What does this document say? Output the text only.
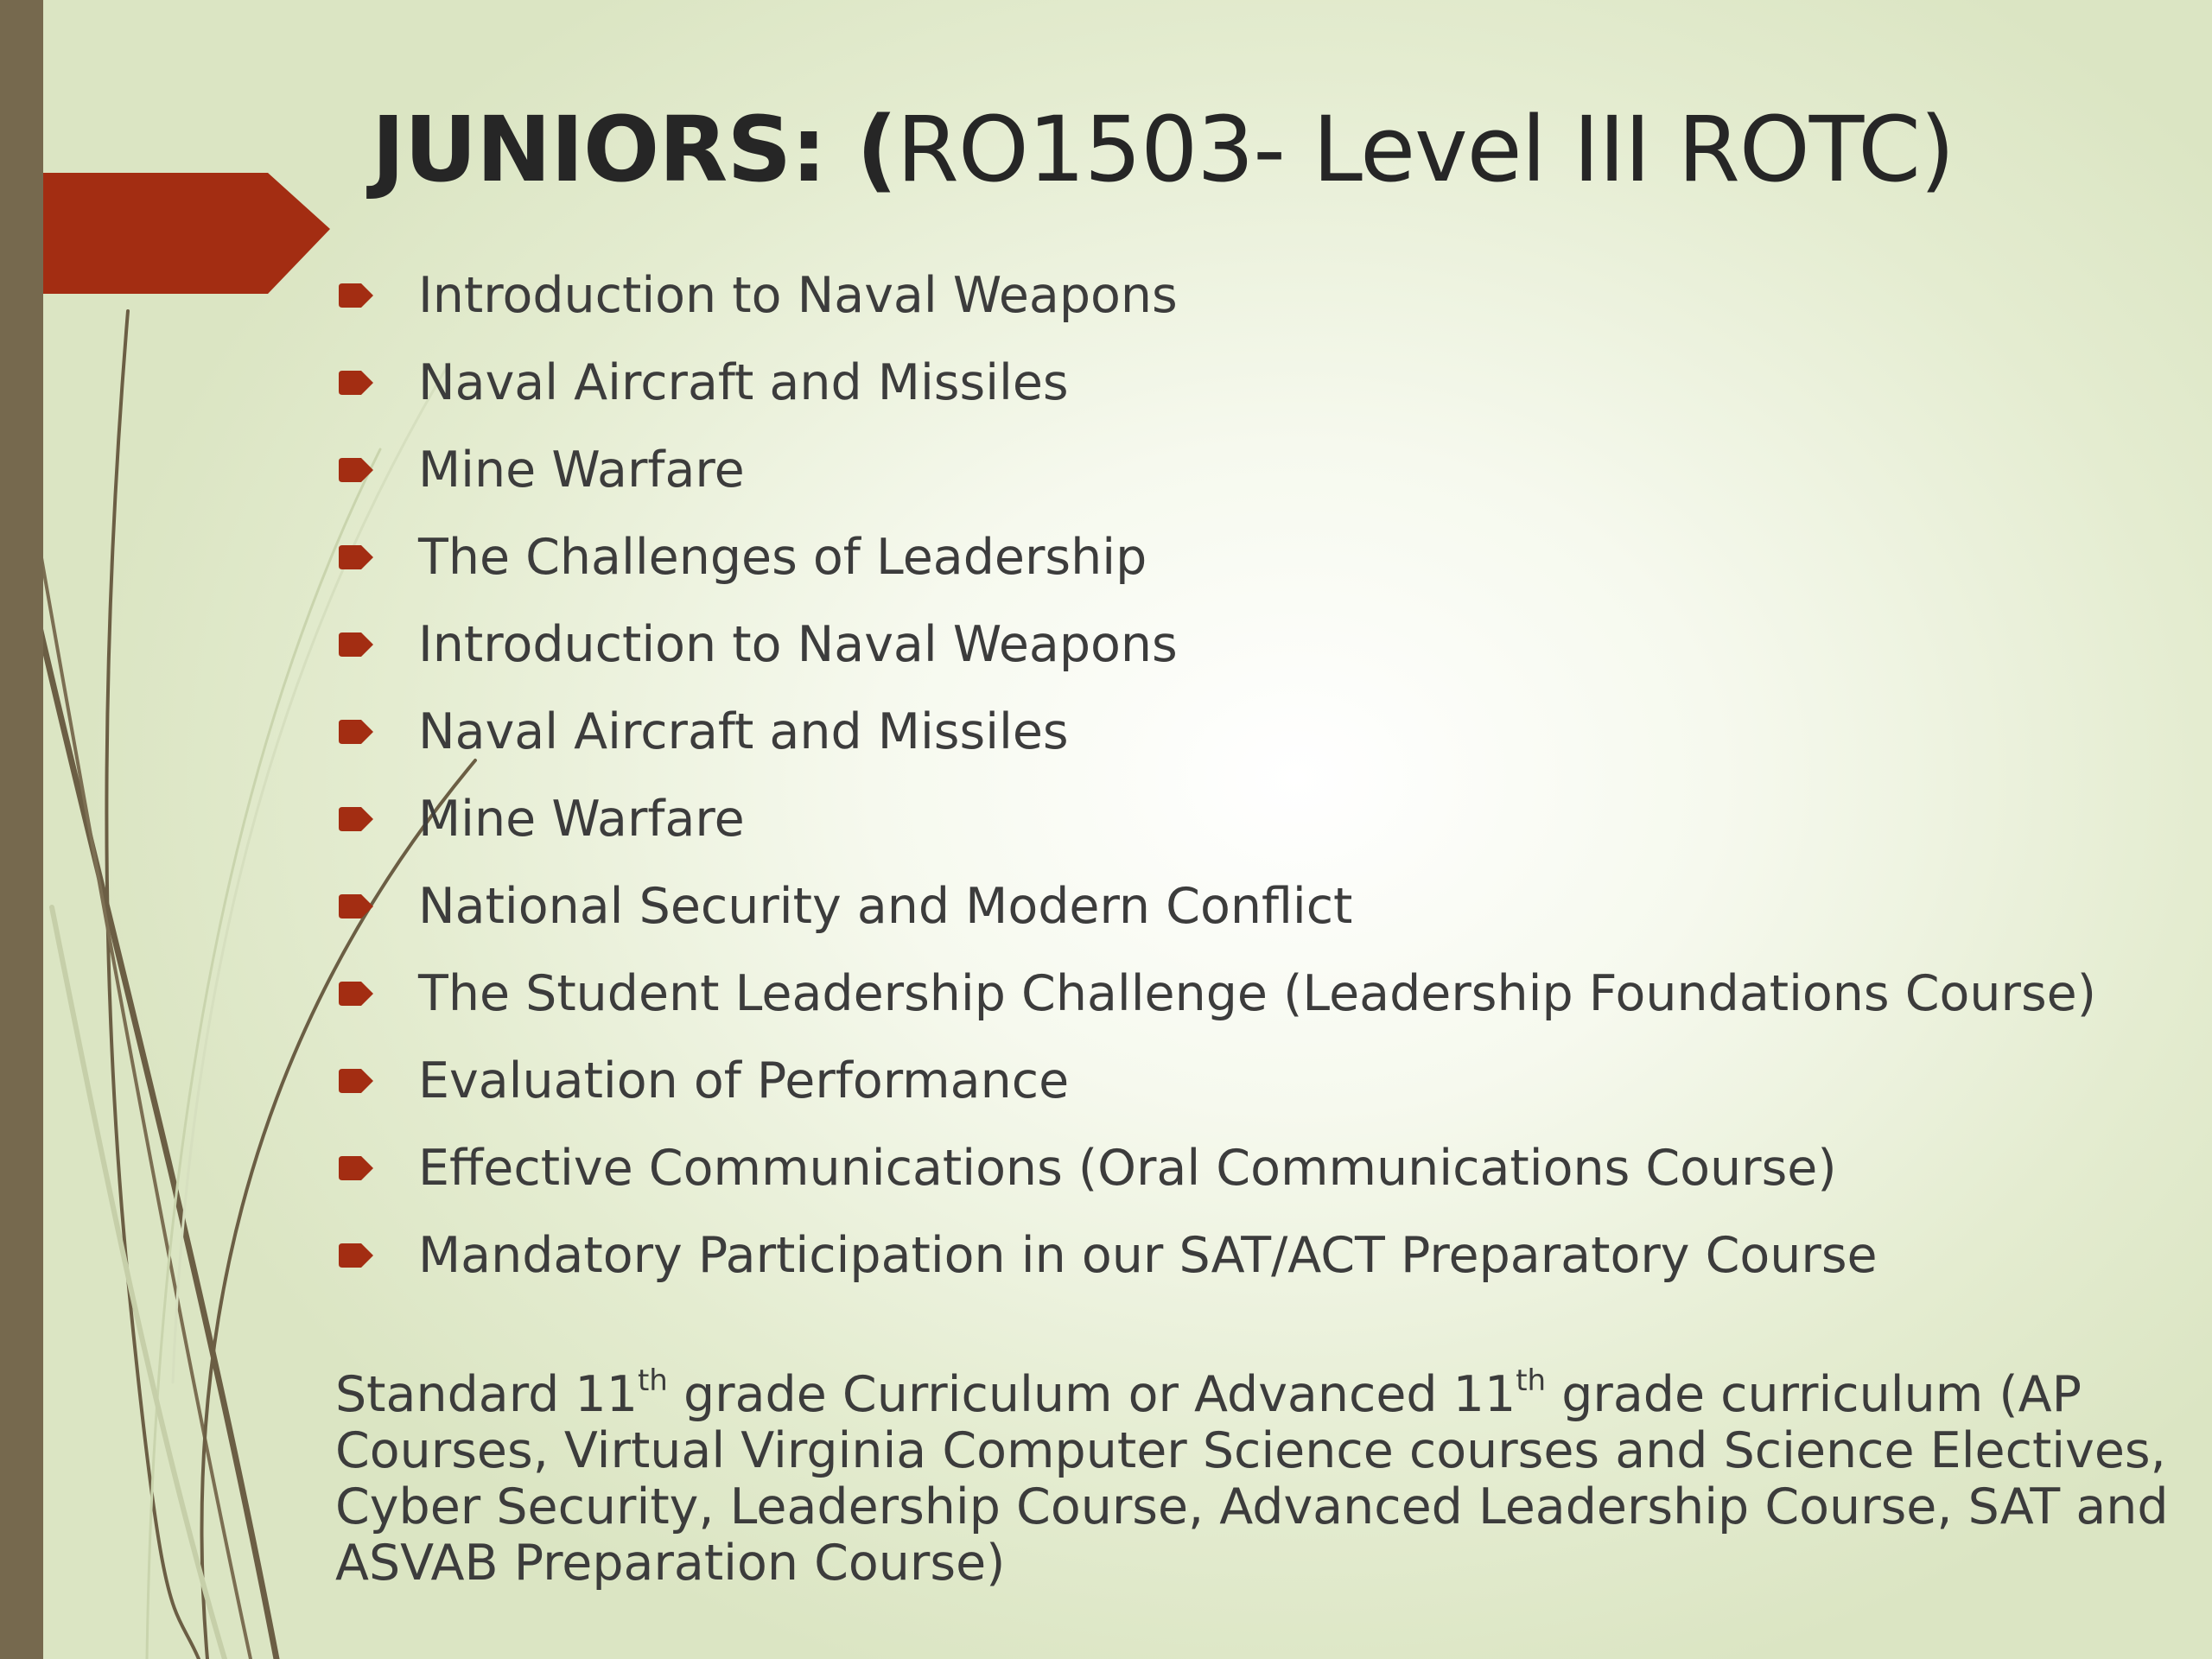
JUNIORS: (RO1503- Level III ROTC)
Introduction to Naval Weapons
Naval Aircraft and Missiles
Mine Warfare
The Challenges of Leadership
Introduction to Naval Weapons
Naval Aircraft and Missiles
Mine Warfare
National Security and Modern Conflict
The Student Leadership Challenge (Leadership Foundations Course)
Evaluation of Performance
Effective Communications (Oral Communications Course)
Mandatory Participation in our SAT/ACT Preparatory Course
Standard 11th grade Curriculum or Advanced 11th grade curriculum (AP Courses, Virtual Virginia Computer Science courses and Science Electives, Cyber Security, Leadership Course, Advanced Leadership Course, SAT and ASVAB Preparation Course)
